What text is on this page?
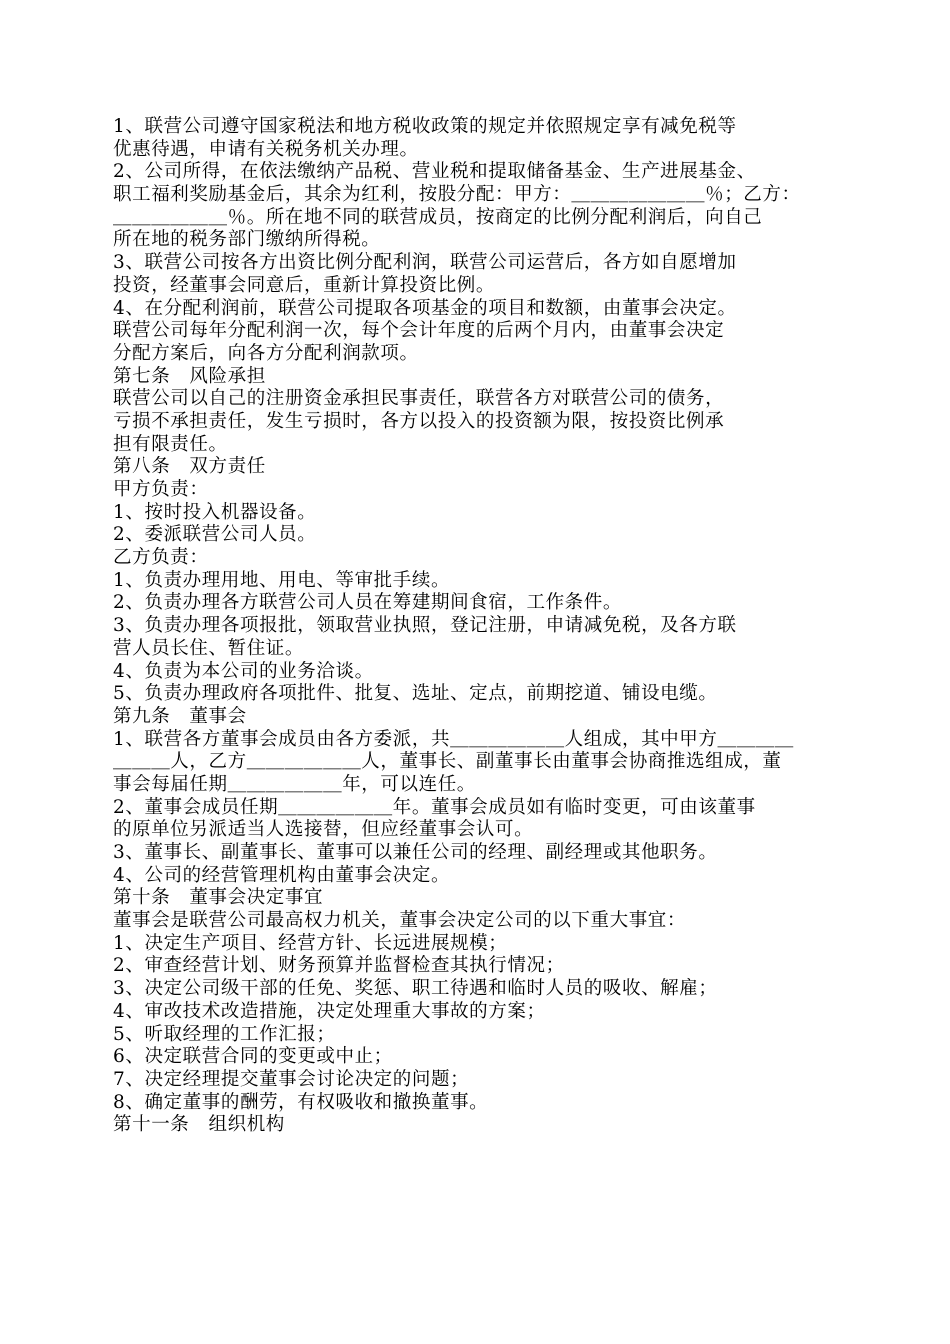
1、联营公司遵守国家税法和地方税收政策的规定并依照规定享有减免税等
优惠待遇，申请有关税务机关办理。
2、公司所得，在依法缴纳产品税、营业税和提取储备基金、生产进展基金、
职工福利奖励基金后，其余为红利，按股分配：甲方：＿＿＿＿＿＿＿％；乙方：
＿＿＿＿＿＿％。所在地不同的联营成员，按商定的比例分配利润后，向自己
所在地的税务部门缴纳所得税。
3、联营公司按各方出资比例分配利润，联营公司运营后，各方如自愿增加
投资，经董事会同意后，重新计算投资比例。
4、在分配利润前，联营公司提取各项基金的项目和数额，由董事会决定。
联营公司每年分配利润一次，每个会计年度的后两个月内，由董事会决定
分配方案后，向各方分配利润款项。
第七条　风险承担
联营公司以自己的注册资金承担民事责任，联营各方对联营公司的债务，
亏损不承担责任，发生亏损时，各方以投入的投资额为限，按投资比例承
担有限责任。
第八条　双方责任
甲方负责：
1、按时投入机器设备。
2、委派联营公司人员。
乙方负责：
1、负责办理用地、用电、等审批手续。
2、负责办理各方联营公司人员在筹建期间食宿，工作条件。
3、负责办理各项报批，领取营业执照，登记注册，申请减免税，及各方联
营人员长住、暂住证。
4、负责为本公司的业务洽谈。
5、负责办理政府各项批件、批复、选址、定点，前期挖道、铺设电缆。
第九条　董事会
1、联营各方董事会成员由各方委派，共＿＿＿＿＿＿人组成，其中甲方＿＿＿＿
＿＿＿人，乙方＿＿＿＿＿＿人，董事长、副董事长由董事会协商推选组成，董
事会每届任期＿＿＿＿＿＿年，可以连任。
2、董事会成员任期＿＿＿＿＿＿年。董事会成员如有临时变更，可由该董事
的原单位另派适当人选接替，但应经董事会认可。
3、董事长、副董事长、董事可以兼任公司的经理、副经理或其他职务。
4、公司的经营管理机构由董事会决定。
第十条　董事会决定事宜
董事会是联营公司最高权力机关，董事会决定公司的以下重大事宜：
1、决定生产项目、经营方针、长远进展规模；
2、审查经营计划、财务预算并监督检查其执行情况；
3、决定公司级干部的任免、奖惩、职工待遇和临时人员的吸收、解雇；
4、审改技术改造措施，决定处理重大事故的方案；
5、听取经理的工作汇报；
6、决定联营合同的变更或中止；
7、决定经理提交董事会讨论决定的问题；
8、确定董事的酬劳，有权吸收和撤换董事。
第十一条　组织机构
